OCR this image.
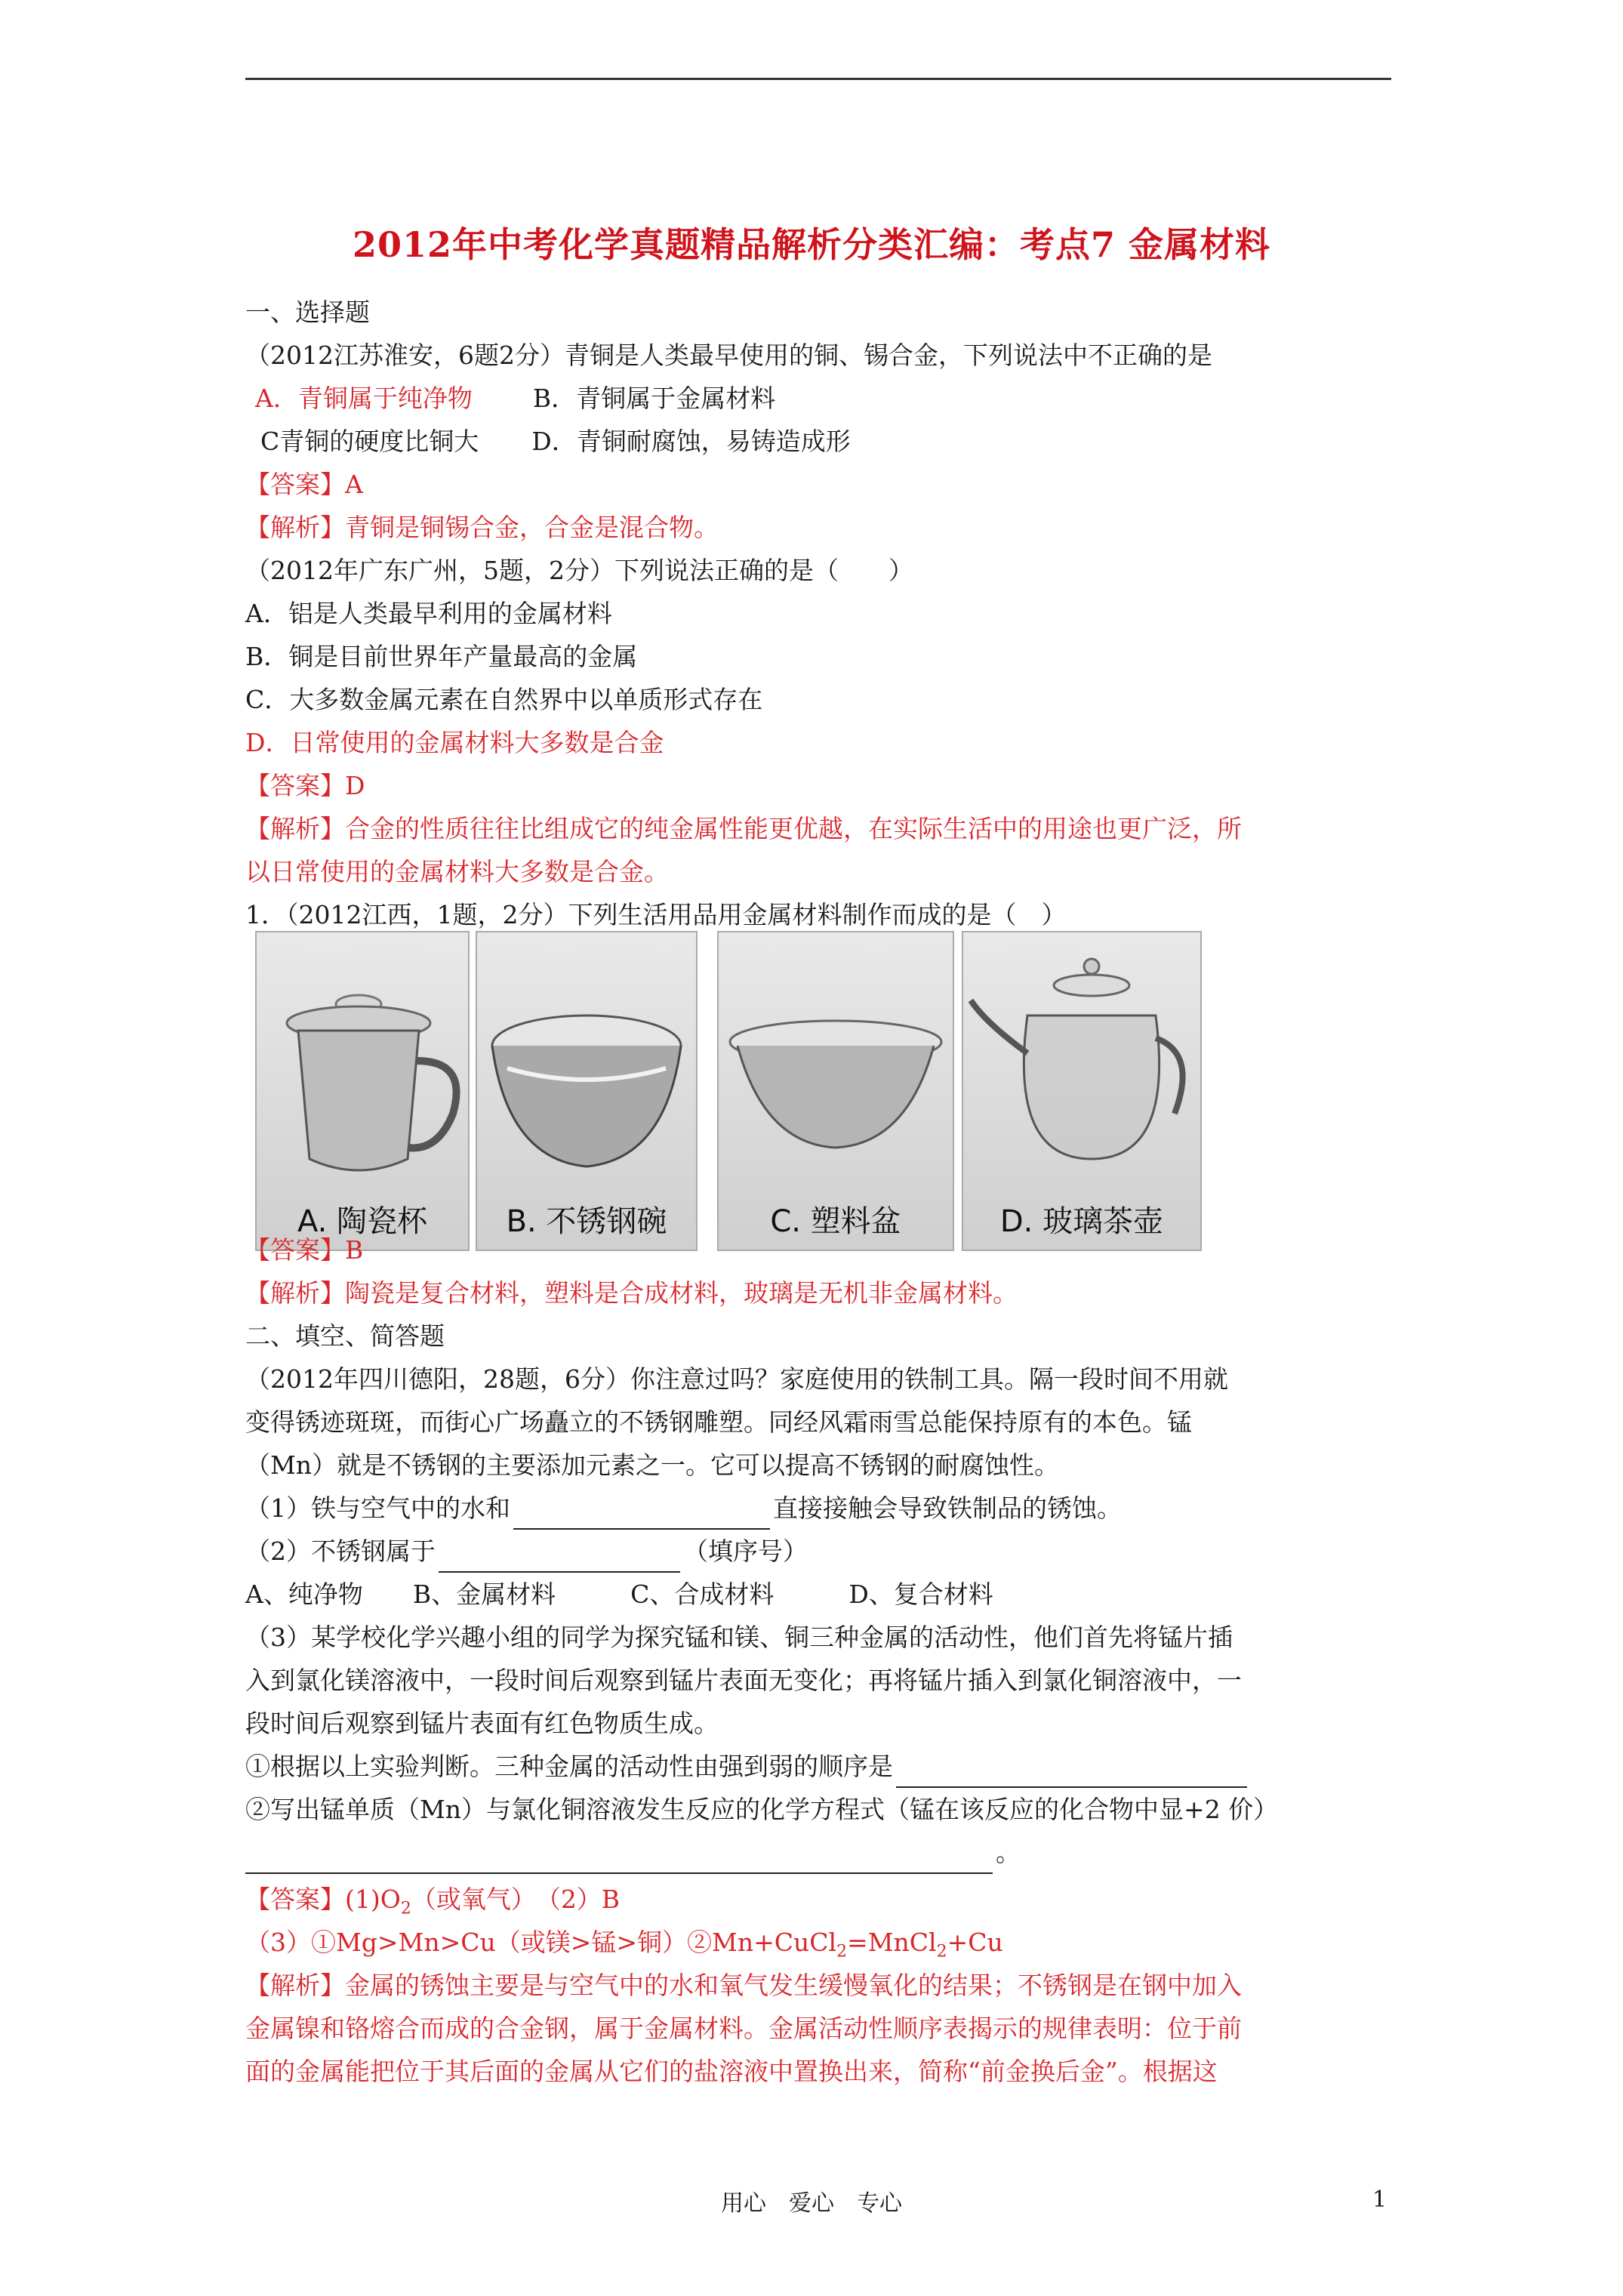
2012年中考化学真题精品解析分类汇编：考点7 金属材料
一、选择题
（2012江苏淮安，6题2分）青铜是人类最早使用的铜、锡合金，下列说法中不正确的是
A．青铜属于纯净物 B．青铜属于金属材料
C青铜的硬度比铜大 D．青铜耐腐蚀，易铸造成形
【答案】A
【解析】青铜是铜锡合金，合金是混合物。
（2012年广东广州，5题，2分）下列说法正确的是（　　）
A．铝是人类最早利用的金属材料
B．铜是目前世界年产量最高的金属
C．大多数金属元素在自然界中以单质形式存在
D．日常使用的金属材料大多数是合金
【答案】D
【解析】合金的性质往往比组成它的纯金属性能更优越，在实际生活中的用途也更广泛，所
以日常使用的金属材料大多数是合金。
1．（2012江西，1题，2分）下列生活用品用金属材料制作而成的是（　）
A. 陶瓷杯	B. 不锈钢碗	C. 塑料盆	D. 玻璃茶壶
【答案】B
【解析】陶瓷是复合材料，塑料是合成材料，玻璃是无机非金属材料。
二、填空、简答题
（2012年四川德阳，28题，6分）你注意过吗？家庭使用的铁制工具。隔一段时间不用就
变得锈迹斑斑，而街心广场矗立的不锈钢雕塑。同经风霜雨雪总能保持原有的本色。锰
（Mn）就是不锈钢的主要添加元素之一。它可以提高不锈钢的耐腐蚀性。
（1）铁与空气中的水和	直接接触会导致铁制品的锈蚀。
（2）不锈钢属于	（填序号）
A、纯净物　　B、金属材料　　　C、合成材料　　　D、复合材料
（3）某学校化学兴趣小组的同学为探究锰和镁、铜三种金属的活动性，他们首先将锰片插
入到氯化镁溶液中，一段时间后观察到锰片表面无变化；再将锰片插入到氯化铜溶液中，一
段时间后观察到锰片表面有红色物质生成。
①根据以上实验判断。三种金属的活动性由强到弱的顺序是
②写出锰单质（Mn）与氯化铜溶液发生反应的化学方程式（锰在该反应的化合物中显+2 价）
。
【答案】$(1)O_2$（或氧气）　（2）B
（3）①Mg>Mn>Cu（或镁>锰>铜）②Mn+CuCl$_2$=MnCl$_2$+Cu
【解析】金属的锈蚀主要是与空气中的水和氧气发生缓慢氧化的结果；不锈钢是在钢中加入
金属镍和铬熔合而成的合金钢，属于金属材料。金属活动性顺序表揭示的规律表明：位于前
面的金属能把位于其后面的金属从它们的盐溶液中置换出来，简称“前金换后金”。根据这
用心　爱心　专心	1
